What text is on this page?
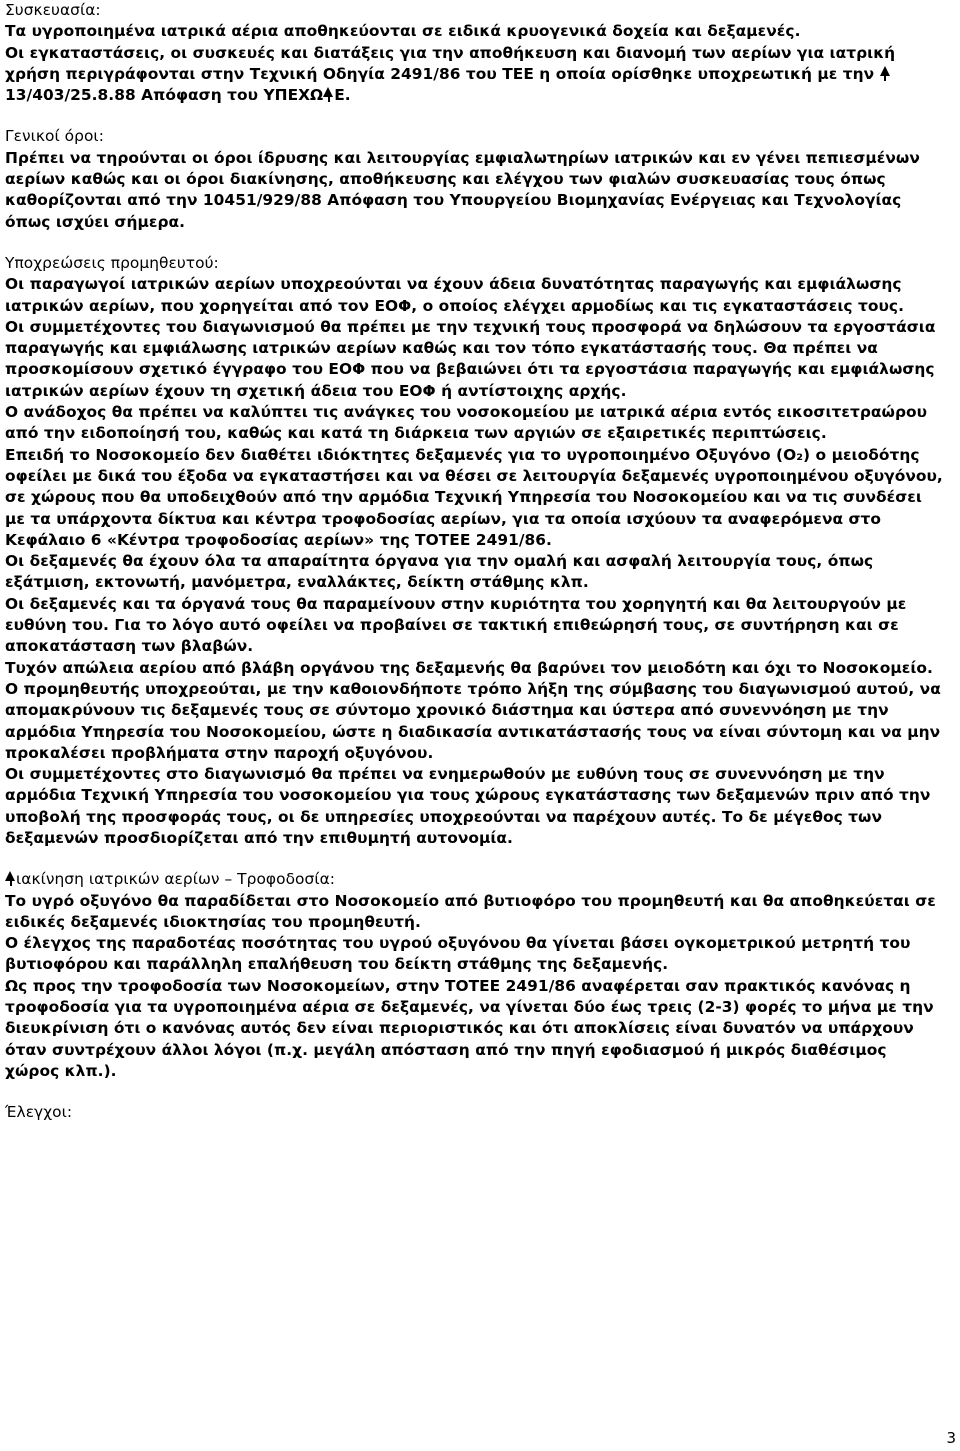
Συσκευασία:

Τα υγροποιημένα ιατρικά αέρια αποθηκεύονται σε ειδικά κρυογενικά δοχεία και δεξαμενές.

Οι εγκαταστάσεις, οι συσκευές και διατάξεις για την αποθήκευση και διανομή των αερίων για ιατρική χρήση περιγράφονται στην Τεχνική Οδηγία 2491/86 του ΤΕΕ η οποία ορίσθηκε υποχρεωτική με την 13/403/25.8.88 Απόφαση του ΥΠΕΧΩ Ε.

Γενικοί όροι:

Πρέπει να τηρούνται οι όροι ίδρυσης και λειτουργίας εμφιαλωτηρίων ιατρικών και εν γένει πεπιεσμένων αερίων καθώς και οι όροι διακίνησης, αποθήκευσης και ελέγχου των φιαλών συσκευασίας τους όπως καθορίζονται από την 10451/929/88 Απόφαση του Υπουργείου Βιομηχανίας Ενέργειας και Τεχνολογίας όπως ισχύει σήμερα.

Υποχρεώσεις προμηθευτού:

Οι παραγωγοί ιατρικών αερίων υποχρεούνται να έχουν άδεια δυνατότητας παραγωγής και εμφιάλωσης ιατρικών αερίων, που χορηγείται από τον ΕΟΦ, ο οποίος ελέγχει αρμοδίως και τις εγκαταστάσεις τους.

Οι συμμετέχοντες του διαγωνισμού θα πρέπει με την τεχνική τους προσφορά να δηλώσουν τα εργοστάσια παραγωγής και εμφιάλωσης ιατρικών αερίων καθώς και τον τόπο εγκατάστασής τους. Θα πρέπει να προσκομίσουν σχετικό έγγραφο του ΕΟΦ που να βεβαιώνει ότι τα εργοστάσια παραγωγής και εμφιάλωσης ιατρικών αερίων έχουν τη σχετική άδεια του ΕΟΦ ή αντίστοιχης αρχής.

Ο ανάδοχος θα πρέπει να καλύπτει τις ανάγκες του νοσοκομείου με ιατρικά αέρια εντός εικοσιτετραώρου από την ειδοποίησή του, καθώς και κατά τη διάρκεια των αργιών σε εξαιρετικές περιπτώσεις.

Επειδή το Νοσοκομείο δεν διαθέτει ιδιόκτητες δεξαμενές για το υγροποιημένο Οξυγόνο (O₂) ο μειοδότης οφείλει με δικά του έξοδα να εγκαταστήσει και να θέσει σε λειτουργία δεξαμενές υγροποιημένου οξυγόνου, σε χώρους που θα υποδειχθούν από την αρμόδια Τεχνική Υπηρεσία του Νοσοκομείου και να τις συνδέσει με τα υπάρχοντα δίκτυα και κέντρα τροφοδοσίας αερίων, για τα οποία ισχύουν τα αναφερόμενα στο Κεφάλαιο 6 «Κέντρα τροφοδοσίας αερίων» της ΤΟΤΕΕ 2491/86.

Οι δεξαμενές θα έχουν όλα τα απαραίτητα όργανα για την ομαλή και ασφαλή λειτουργία τους, όπως εξάτμιση, εκτονωτή, μανόμετρα, εναλλάκτες, δείκτη στάθμης κλπ.

Οι δεξαμενές και τα όργανά τους θα παραμείνουν στην κυριότητα του χορηγητή και θα λειτουργούν με ευθύνη του. Για το λόγο αυτό οφείλει να προβαίνει σε τακτική επιθεώρησή τους, σε συντήρηση και σε αποκατάσταση των βλαβών.

Τυχόν απώλεια αερίου από βλάβη οργάνου της δεξαμενής θα βαρύνει τον μειοδότη και όχι το Νοσοκομείο.

Ο προμηθευτής υποχρεούται, με την καθοιονδήποτε τρόπο λήξη της σύμβασης του διαγωνισμού αυτού, να απομακρύνουν τις δεξαμενές τους σε σύντομο χρονικό διάστημα και ύστερα από συνεννόηση με την αρμόδια Υπηρεσία του Νοσοκομείου, ώστε η διαδικασία αντικατάστασής τους να είναι σύντομη και να μην προκαλέσει προβλήματα στην παροχή οξυγόνου.

Οι συμμετέχοντες στο διαγωνισμό θα πρέπει να ενημερωθούν με ευθύνη τους σε συνεννόηση με την αρμόδια Τεχνική Υπηρεσία του νοσοκομείου για τους χώρους εγκατάστασης των δεξαμενών πριν από την υποβολή της προσφοράς τους, οι δε υπηρεσίες υποχρεούνται να παρέχουν αυτές. Το δε μέγεθος των δεξαμενών προσδιορίζεται από την επιθυμητή αυτονομία.

ιακίνηση ιατρικών αερίων – Τροφοδοσία:

Το υγρό οξυγόνο θα παραδίδεται στο Νοσοκομείο από βυτιοφόρο του προμηθευτή και θα αποθηκεύεται σε ειδικές δεξαμενές ιδιοκτησίας του προμηθευτή.

Ο έλεγχος της παραδοτέας ποσότητας του υγρού οξυγόνου θα γίνεται βάσει ογκομετρικού μετρητή του βυτιοφόρου και παράλληλη επαλήθευση του δείκτη στάθμης της δεξαμενής.

Ως προς την τροφοδοσία των Νοσοκομείων, στην ΤΟΤΕΕ 2491/86 αναφέρεται σαν πρακτικός κανόνας η τροφοδοσία για τα υγροποιημένα αέρια σε δεξαμενές, να γίνεται δύο έως τρεις (2-3) φορές το μήνα με την διευκρίνιση ότι ο κανόνας αυτός δεν είναι περιοριστικός και ότι αποκλίσεις είναι δυνατόν να υπάρχουν όταν συντρέχουν άλλοι λόγοι (π.χ. μεγάλη απόσταση από την πηγή εφοδιασμού ή μικρός διαθέσιμος χώρος κλπ.).

Έλεγχοι:
3
